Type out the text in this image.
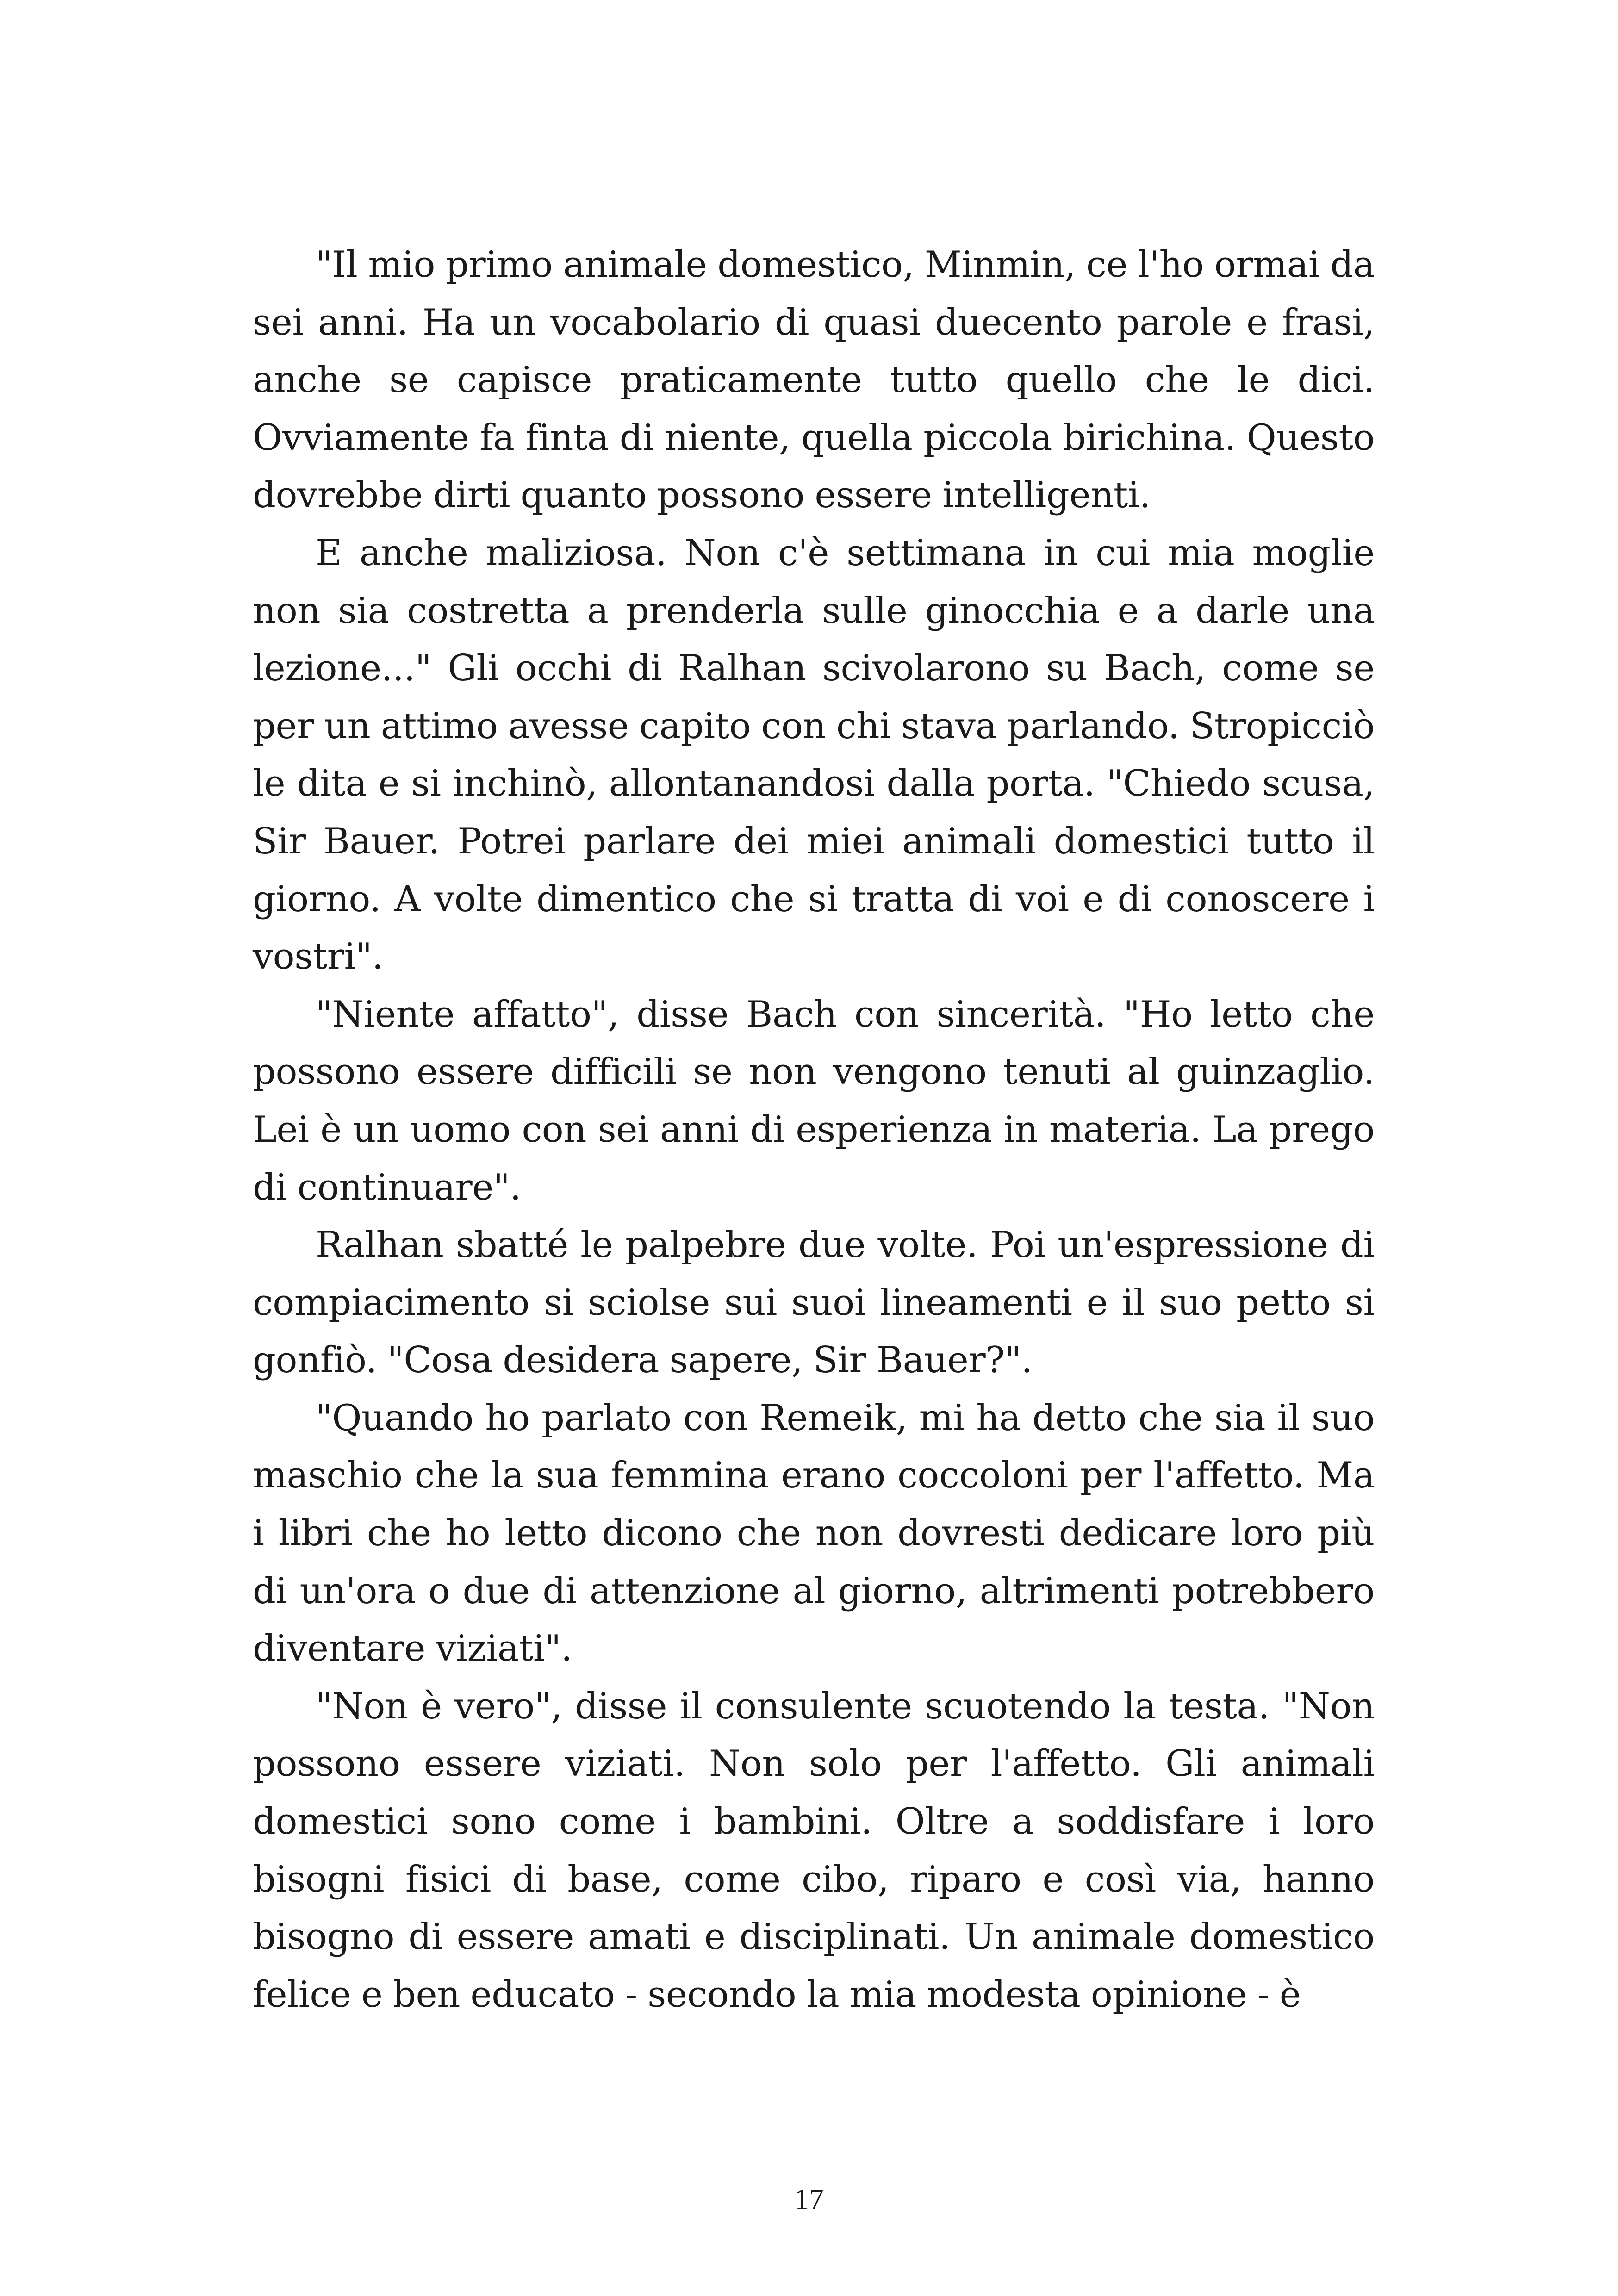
"Il mio primo animale domestico, Minmin, ce l'ho ormai da sei anni. Ha un vocabolario di quasi duecento parole e frasi, anche se capisce praticamente tutto quello che le dici. Ovviamente fa finta di niente, quella piccola birichina. Questo dovrebbe dirti quanto possono essere intelligenti.

E anche maliziosa. Non c'è settimana in cui mia moglie non sia costretta a prenderla sulle ginocchia e a darle una lezione..." Gli occhi di Ralhan scivolarono su Bach, come se per un attimo avesse capito con chi stava parlando. Stropicciò le dita e si inchinò, allontanandosi dalla porta. "Chiedo scusa, Sir Bauer. Potrei parlare dei miei animali domestici tutto il giorno. A volte dimentico che si tratta di voi e di conoscere i vostri".

"Niente affatto", disse Bach con sincerità. "Ho letto che possono essere difficili se non vengono tenuti al guinzaglio. Lei è un uomo con sei anni di esperienza in materia. La prego di continuare".

Ralhan sbatté le palpebre due volte. Poi un'espressione di compiacimento si sciolse sui suoi lineamenti e il suo petto si gonfiò. "Cosa desidera sapere, Sir Bauer?".

"Quando ho parlato con Remeik, mi ha detto che sia il suo maschio che la sua femmina erano coccoloni per l'affetto. Ma i libri che ho letto dicono che non dovresti dedicare loro più di un'ora o due di attenzione al giorno, altrimenti potrebbero diventare viziati".

"Non è vero", disse il consulente scuotendo la testa. "Non possono essere viziati. Non solo per l'affetto. Gli animali domestici sono come i bambini. Oltre a soddisfare i loro bisogni fisici di base, come cibo, riparo e così via, hanno bisogno di essere amati e disciplinati. Un animale domestico felice e ben educato - secondo la mia modesta opinione - è

17
